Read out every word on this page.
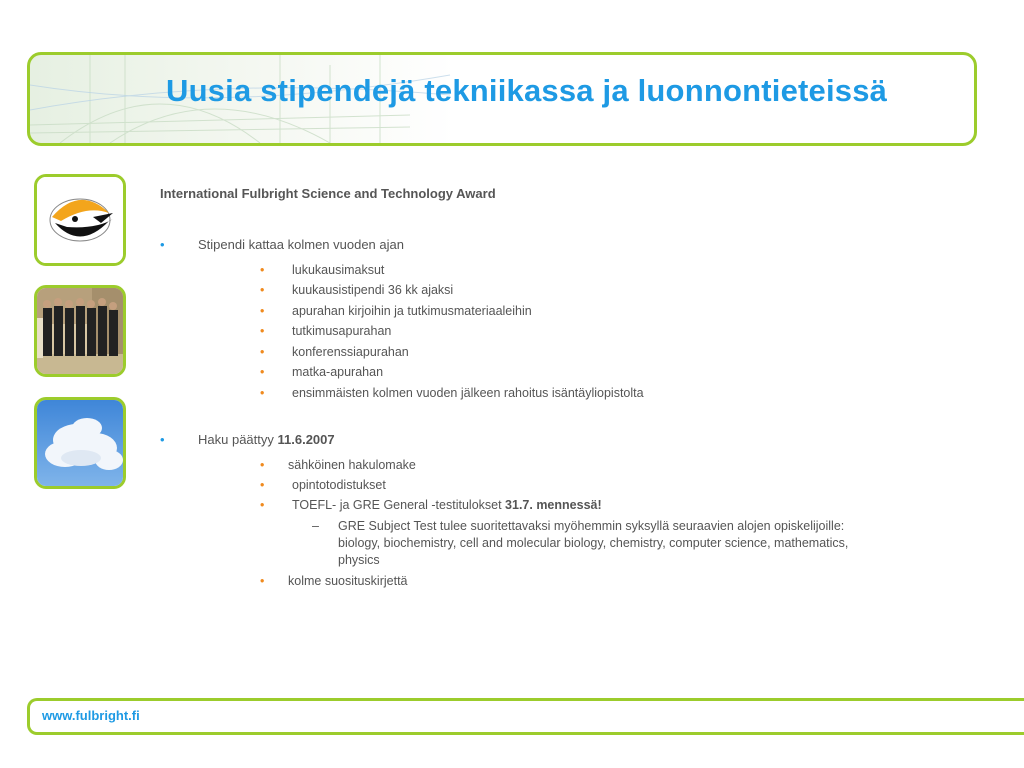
Uusia stipendejä tekniikassa ja luonnontieteissä
International Fulbright Science and Technology Award
•	Stipendi kattaa kolmen vuoden ajan
• lukukausimaksut
• kuukausistipendi 36 kk ajaksi
• apurahan kirjoihin ja tutkimusmateriaaleihin
• tutkimusapurahan
• konferenssiapurahan
• matka-apurahan
• ensimmäisten kolmen vuoden jälkeen rahoitus isäntäyliopistolta
•	Haku päättyy 11.6.2007
• sähköinen hakulomake
• opintotodistukset
• TOEFL- ja GRE General -testitulokset 31.7. mennessä!
– GRE Subject Test tulee suoritettavaksi myöhemmin syksyllä seuraavien alojen opiskelijoille: biology, biochemistry, cell and molecular biology, chemistry, computer science, mathematics, physics
• kolme suosituskirjettä
www.fulbright.fi
